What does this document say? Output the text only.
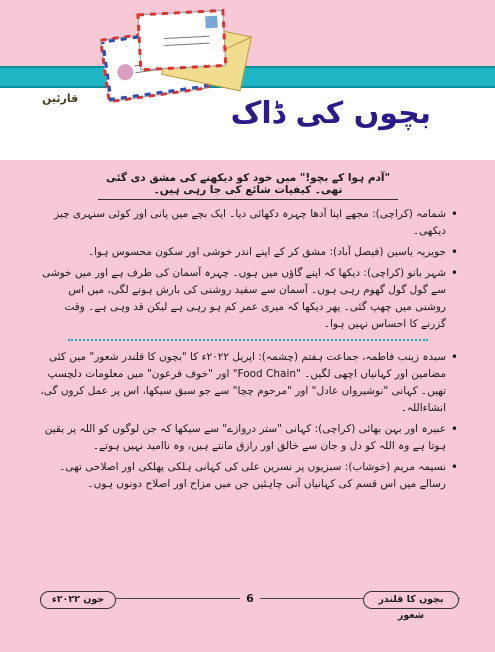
قارئین	بچوں کی ڈاک
"آدم ہوا کے بچو!" میں خود کو دیکھنے کی مشق دی گئی تھی۔ کیفیات شائع کی جا رہی ہیں۔
• شمامہ (کراچی): مجھے اپنا آدھا چہرہ دکھائی دیا۔ ایک بچے میں پانی اور کوئی سنہری چیز دیکھی۔
• جویریہ یاسین (فیصل آباد): مشق کر کے اپنے اندر خوشی اور سکون محسوس ہوا۔
• شہر بانو (کراچی): دیکھا کہ اپنے گاؤں میں ہوں۔ چہرہ آسمان کی طرف ہے اور میں خوشی سے گول گول گھوم رہی ہوں۔ آسمان سے سفید روشنی کی بارش ہونے لگی، میں اس روشنی میں چھپ گئی۔ پھر دیکھا کہ میری عمر کم ہو رہی ہے لیکن قد وہی ہے۔ وقت گزرنے کا احساس نہیں ہوا۔
• سیدہ زینب فاطمہ، جماعت ہفتم (چشمہ): اپریل ۲۰۲۲ء کا "بچوں کا قلندر شعور" میں کئی مضامین اور کہانیاں اچھی لگیں۔ "Food Chain" اور "خوف فرعون" میں معلومات دلچسپ تھیں۔ کہانی "نوشیرواں عادل" اور "مرحوم چچا" سے جو سبق سیکھا، اس پر عمل کروں گی، انشاءاللہ۔
• عبیرہ اور بہن بھائی (کراچی): کہانی "ستر دروازے" سے سیکھا کہ جن لوگوں کو اللہ پر یقین ہوتا ہے وہ اللہ کو دل و جان سے خالق اور رازق مانتے ہیں، وہ ناامید نہیں ہوتے۔
• نسیمہ مریم (خوشاب): سبزیوں پر نسرین علی کی کہانی ہلکی پھلکی اور اصلاحی تھی۔ رسالے میں اس قسم کی کہانیاں آنی چاہئیں جن میں مزاح اور اصلاح دونوں ہوں۔
جون ۲۰۲۲ء	6	بچوں کا قلندر شعور
